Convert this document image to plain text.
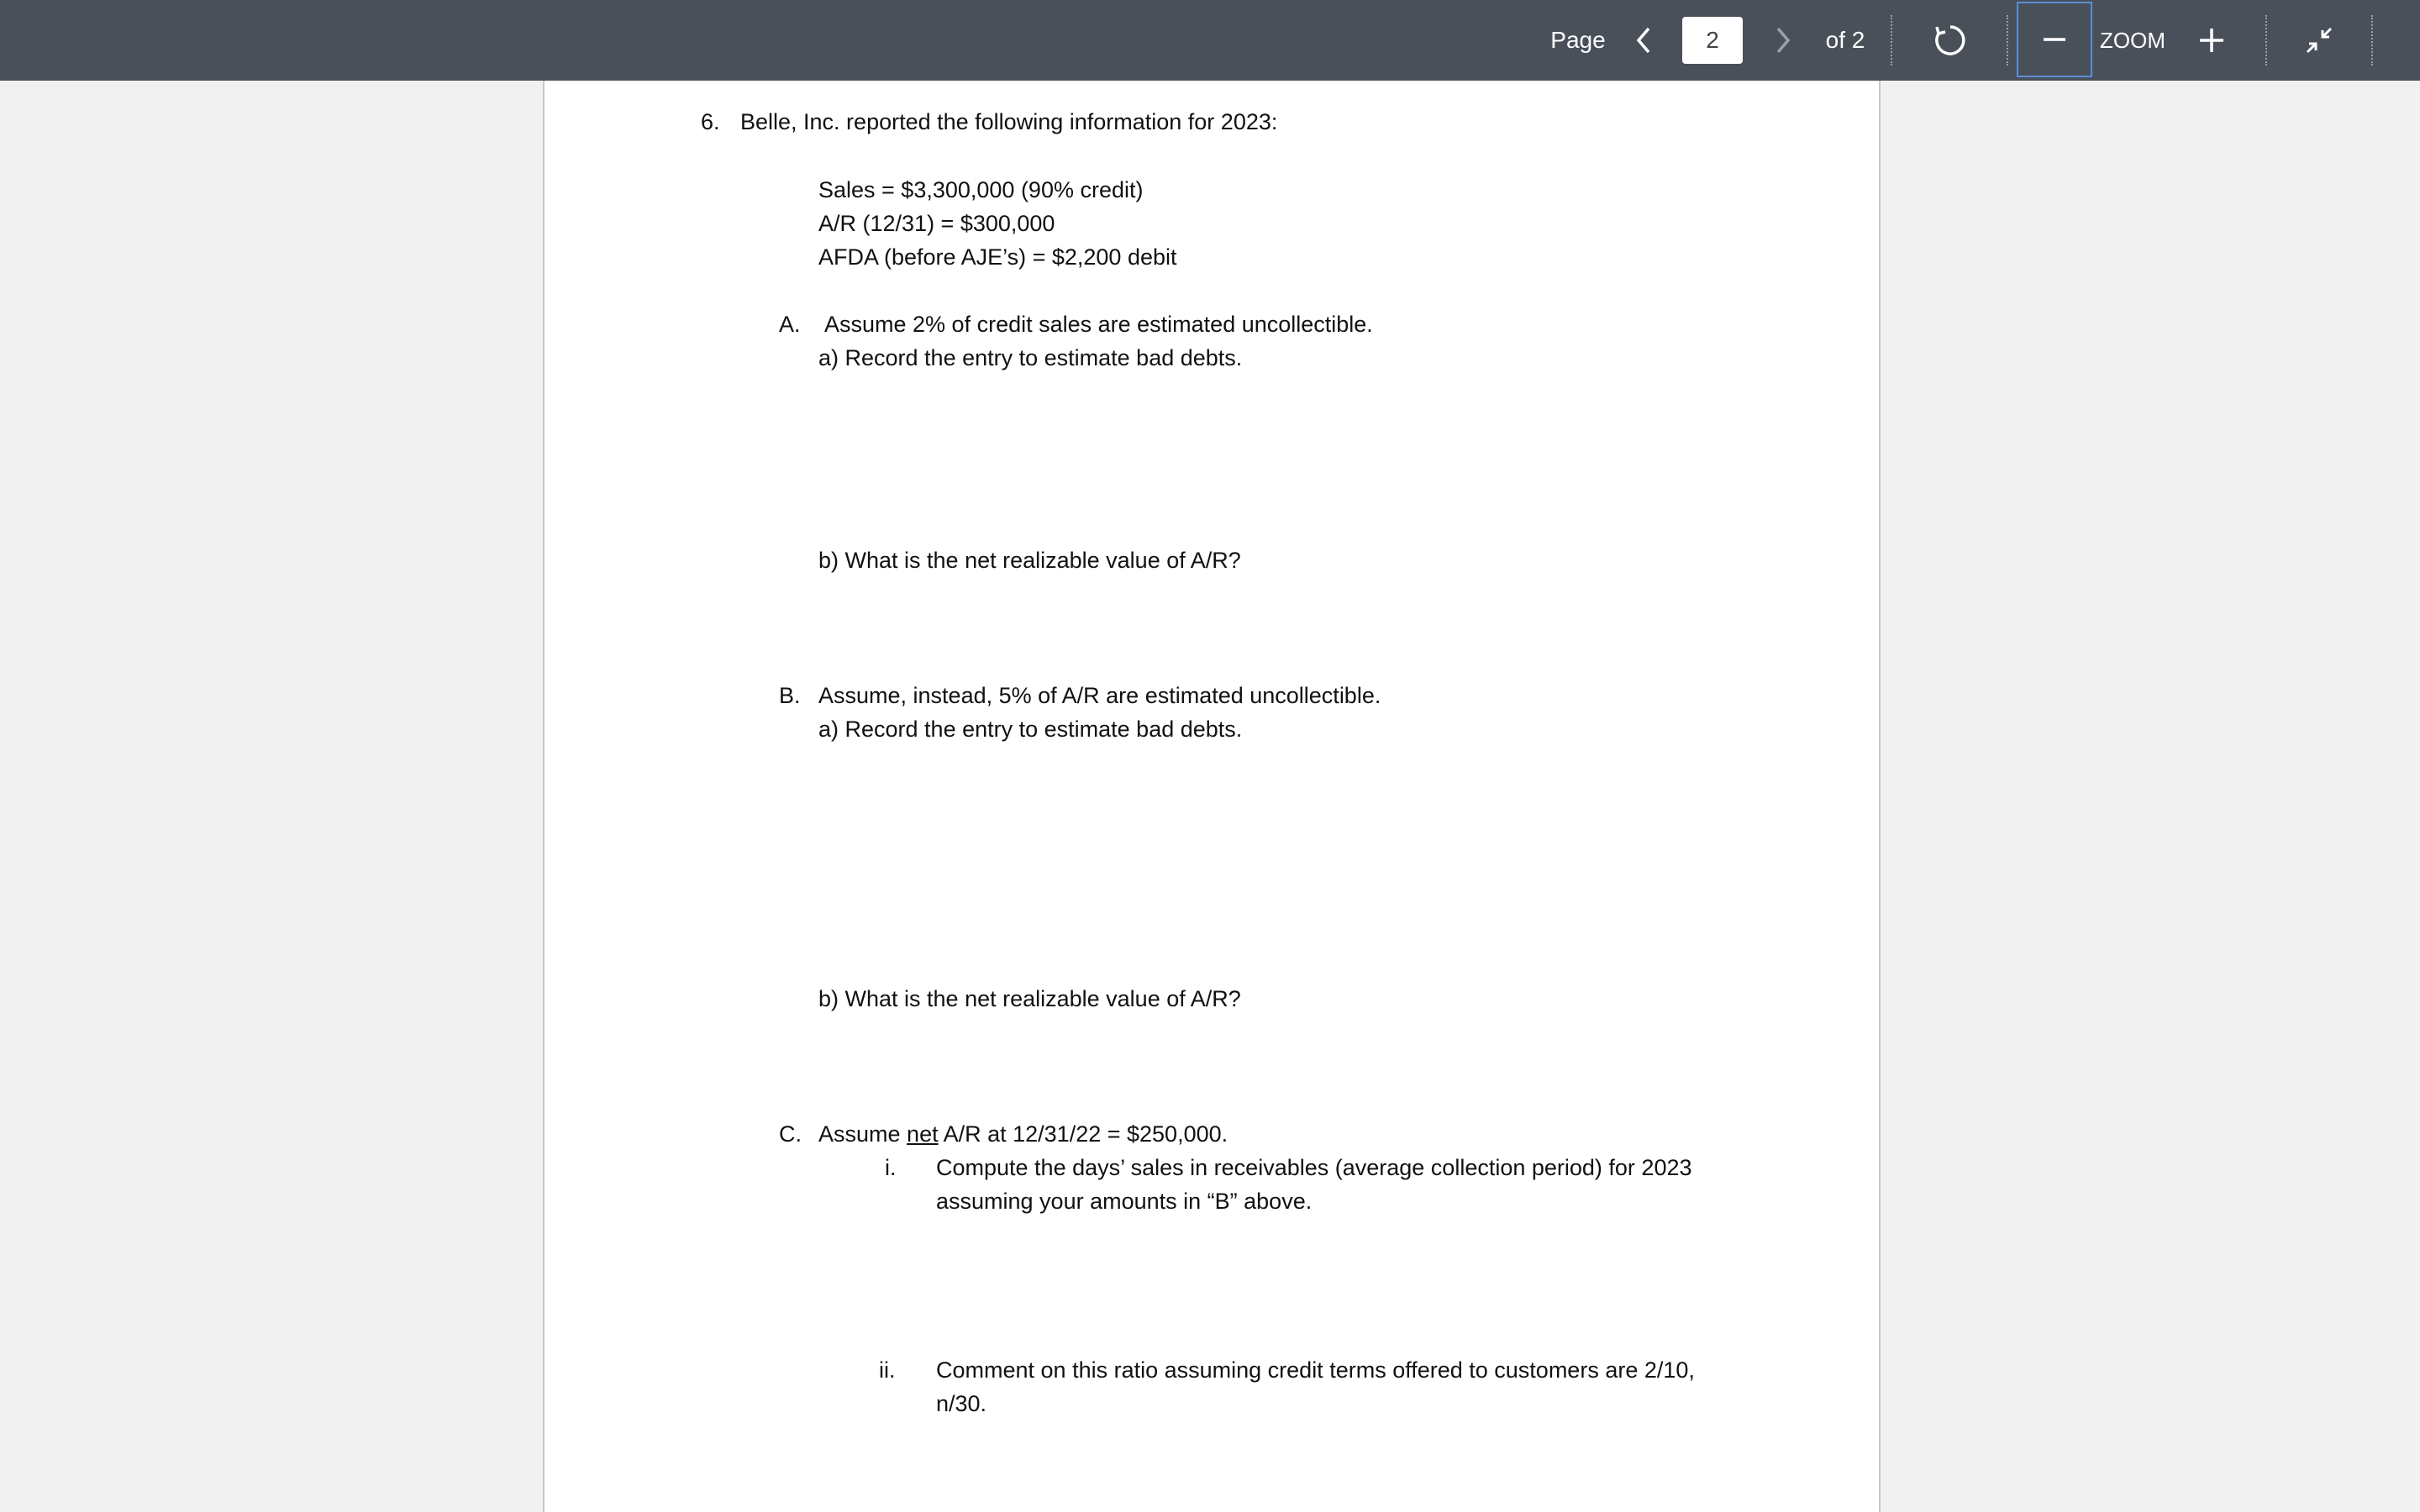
Page	2	of 2	ZOOM
6. Belle, Inc. reported the following information for 2023:
Sales = $3,300,000 (90% credit)
A/R (12/31) = $300,000
AFDA (before AJE’s) = $2,200 debit
A. Assume 2% of credit sales are estimated uncollectible.
a) Record the entry to estimate bad debts.
b) What is the net realizable value of A/R?
B. Assume, instead, 5% of A/R are estimated uncollectible.
a) Record the entry to estimate bad debts.
b) What is the net realizable value of A/R?
C. Assume net A/R at 12/31/22 = $250,000.
i. Compute the days’ sales in receivables (average collection period) for 2023
assuming your amounts in “B” above.
ii. Comment on this ratio assuming credit terms offered to customers are 2/10,
n/30.
